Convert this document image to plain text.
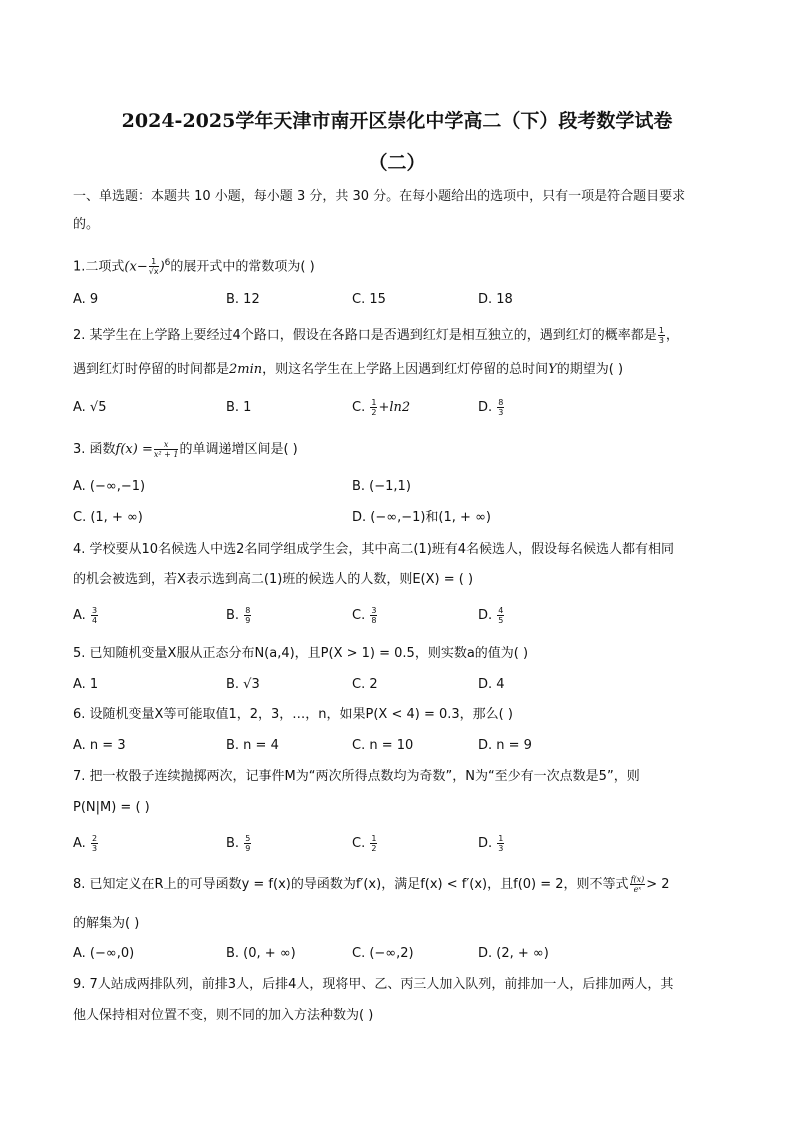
2024-2025学年天津市南开区崇化中学高二（下）段考数学试卷
（二）
一、单选题：本题共 10 小题，每小题 3 分，共 30 分。在每小题给出的选项中，只有一项是符合题目要求
的。
1.二项式$(x- \frac{1}{√x} )^6$的展开式中的常数项为( )
A. 9	B. 12	C. 15	D. 18
2. 某学生在上学路上要经过4个路口，假设在各路口是否遇到红灯是相互独立的，遇到红灯的概率都是 $\frac{1}{3}$ ，
遇到红灯时停留的时间都是2min，则这名学生在上学路上因遇到红灯停留的总时间Y的期望为( )
A. √5	B. 1	C. $\frac{1}{2} +\ln 2$	D. $\frac{8}{3}$
3. 函数$f(x) = \frac{x}{\text{x² + 1}}$ 的单调递增区间是( )
A. (−∞,−1)	B. (−1,1)
C. (1, + ∞)	D. (−∞,−1)和(1, + ∞)
4. 学校要从10名候选人中选2名同学组成学生会，其中高二(1)班有4名候选人，假设每名候选人都有相同
的机会被选到，若X表示选到高二(1)班的候选人的人数，则E(X) = ( )
A. $\frac{3}{4}$	B. $\frac{8}{9}$	C. $\frac{3}{8}$	D. $\frac{4}{5}$
5. 已知随机变量X服从正态分布N(a,4)，且P(X > 1) = 0.5，则实数a的值为( )
A. 1	B. √3	C. 2	D. 4
6. 设随机变量X等可能取值1，2，3，…，n，如果P(X < 4) = 0.3，那么( )
A. n = 3	B. n = 4	C. n = 10	D. n = 9
7. 把一枚骰子连续抛掷两次，记事件M为“两次所得点数均为奇数”，N为“至少有一次点数是5”，则
P(N|M) = ( )
A. $\frac{2}{3}$	B. $\frac{5}{9}$	C. $\frac{1}{2}$	D. $\frac{1}{3}$
8. 已知定义在R上的可导函数y = f(x)的导函数为f′(x)，满足f(x) < f′(x)，且f(0) = 2，则不等式 $\frac{f(x)}{\text{eˣ}} > 2$
的解集为( )
A. (−∞,0)	B. (0, + ∞)	C. (−∞,2)	D. (2, + ∞)
9. 7人站成两排队列，前排3人，后排4人，现将甲、乙、丙三人加入队列，前排加一人，后排加两人，其
他人保持相对位置不变，则不同的加入方法种数为( )
